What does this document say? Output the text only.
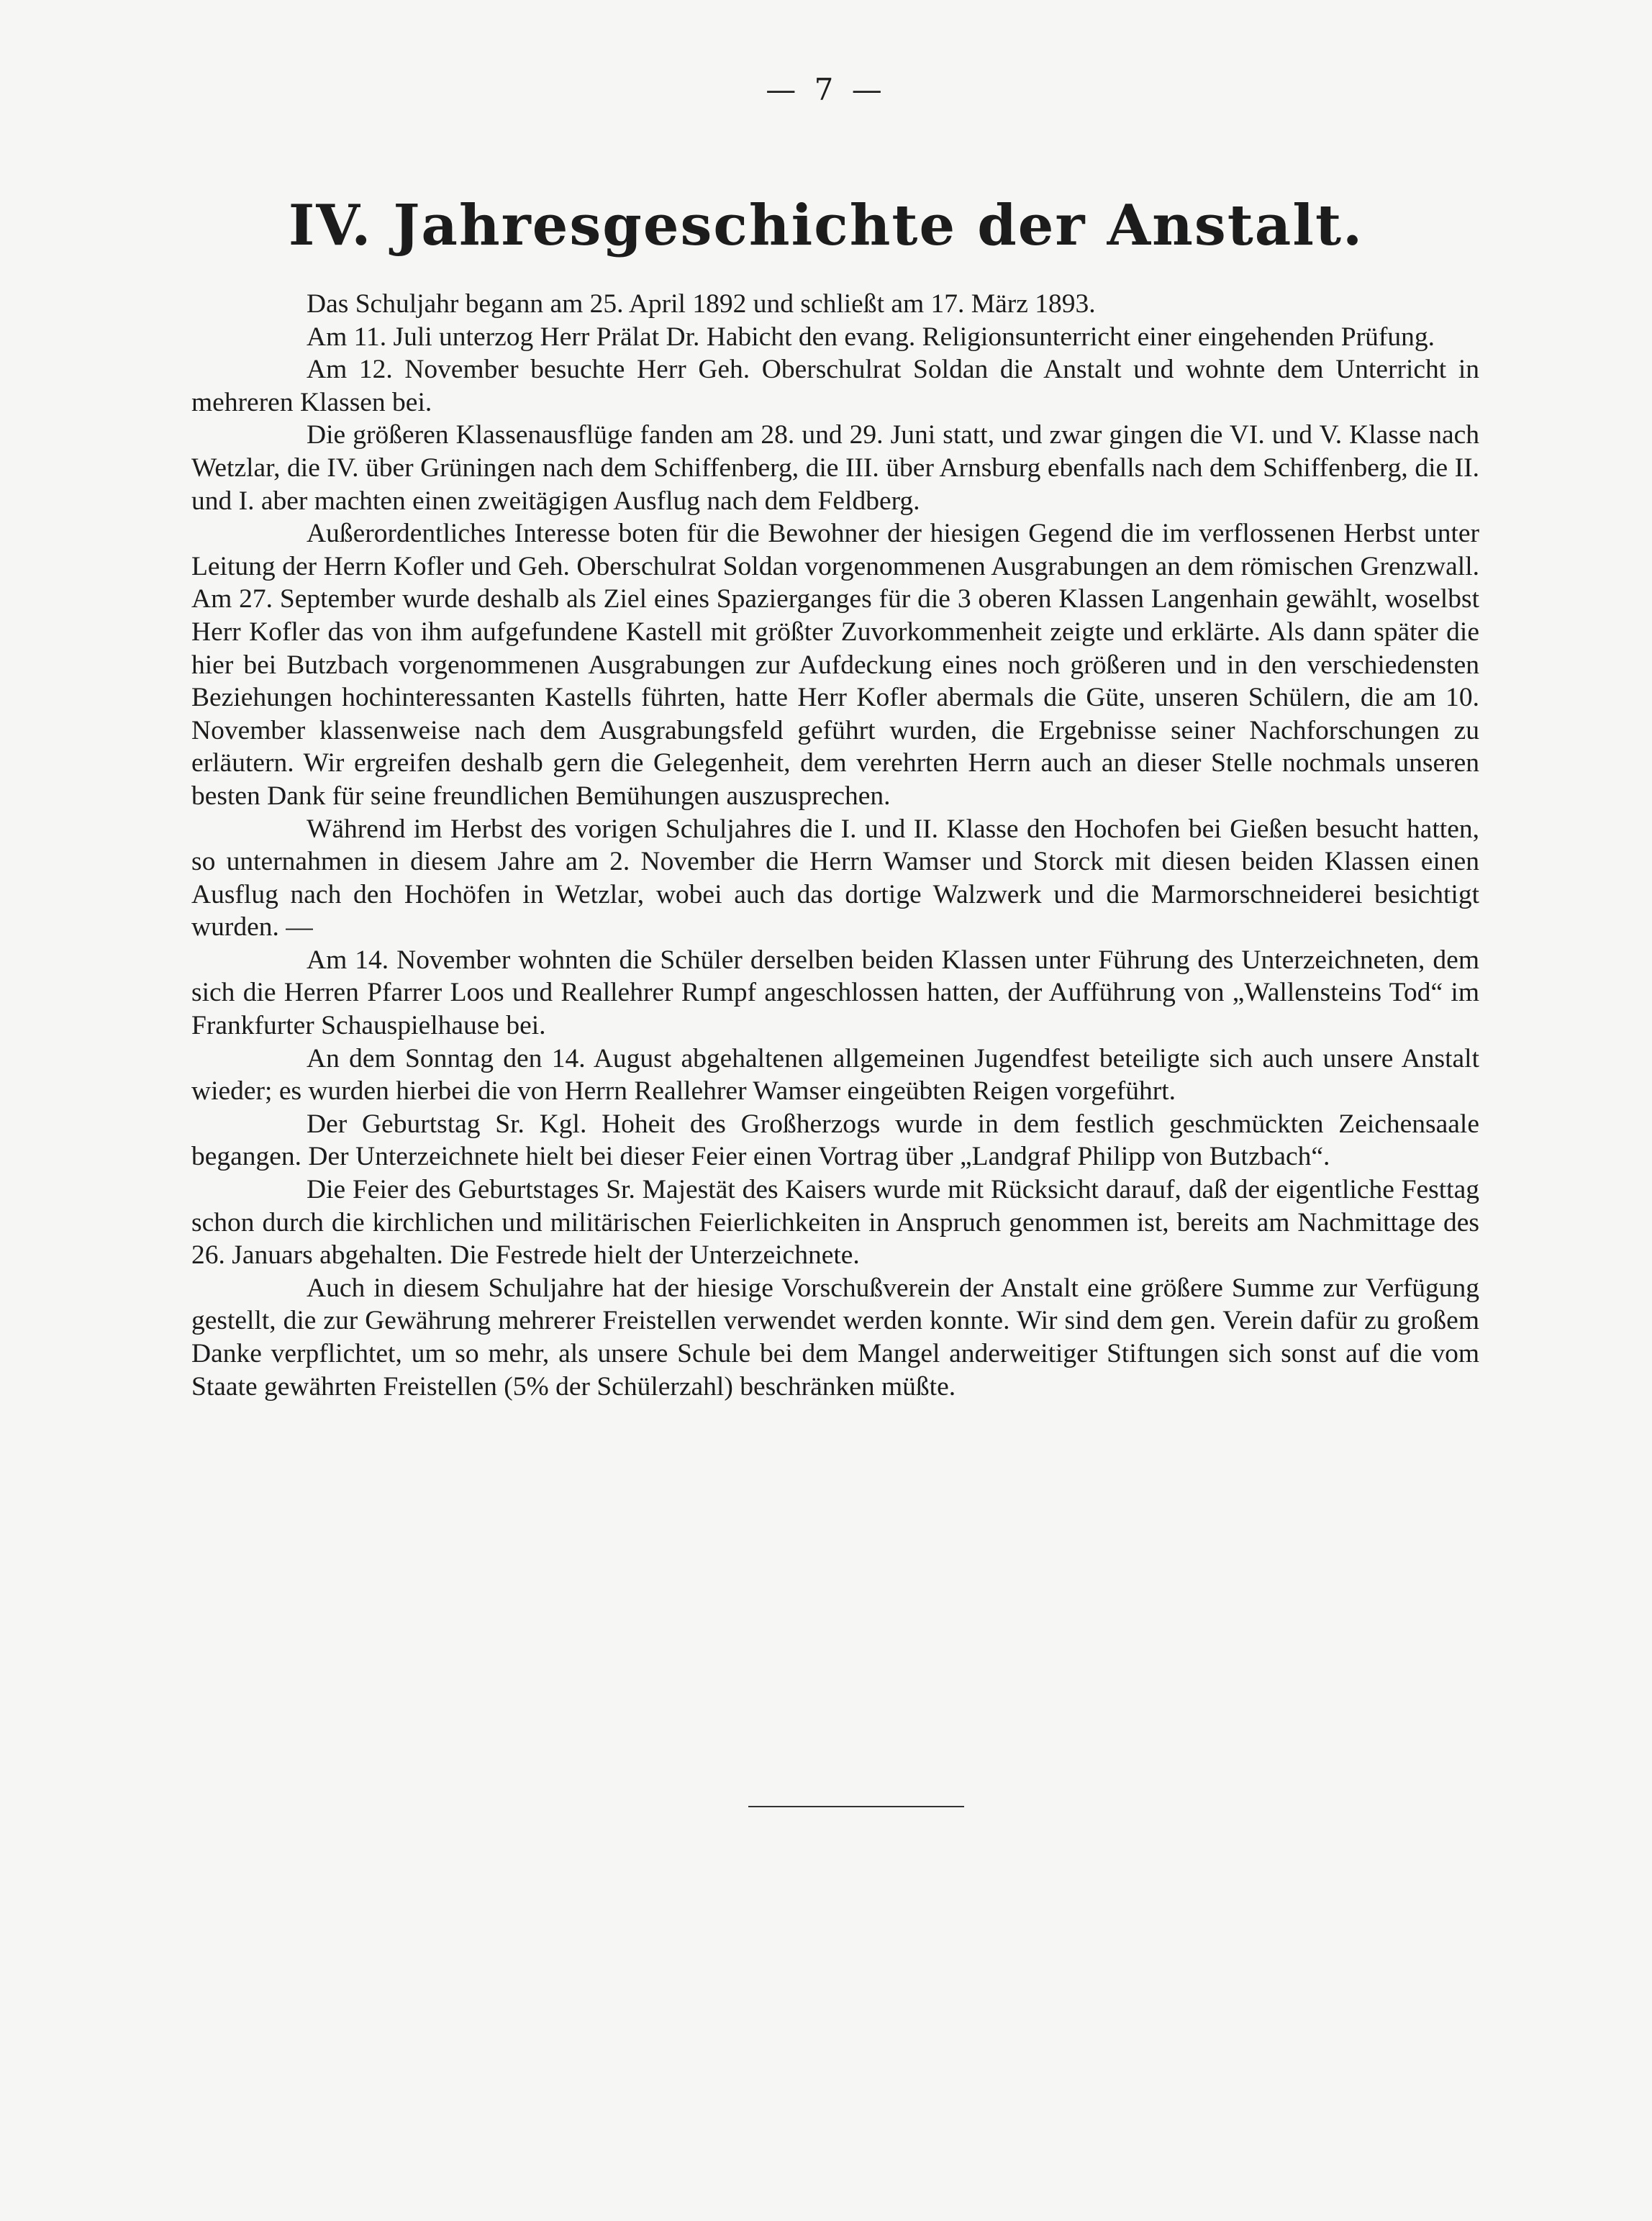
— 7 —
IV. Jahresgeschichte der Anstalt.

Das Schuljahr begann am 25. April 1892 und schließt am 17. März 1893.

Am 11. Juli unterzog Herr Prälat Dr. Habicht den evang. Religionsunterricht einer eingehenden Prüfung.

Am 12. November besuchte Herr Geh. Oberschulrat Soldan die Anstalt und wohnte dem Unterricht in mehreren Klassen bei.

Die größeren Klassenausflüge fanden am 28. und 29. Juni statt, und zwar gingen die VI. und V. Klasse nach Wetzlar, die IV. über Grüningen nach dem Schiffenberg, die III. über Arnsburg ebenfalls nach dem Schiffenberg, die II. und I. aber machten einen zweitägigen Ausflug nach dem Feldberg.

Außerordentliches Interesse boten für die Bewohner der hiesigen Gegend die im verflossenen Herbst unter Leitung der Herrn Kofler und Geh. Oberschulrat Soldan vorgenommenen Ausgrabungen an dem römischen Grenzwall. Am 27. September wurde deshalb als Ziel eines Spazierganges für die 3 oberen Klassen Langenhain gewählt, woselbst Herr Kofler das von ihm aufgefundene Kastell mit größter Zuvorkommenheit zeigte und erklärte. Als dann später die hier bei Butzbach vorgenommenen Ausgrabungen zur Aufdeckung eines noch größeren und in den verschiedensten Beziehungen hochinteressanten Kastells führten, hatte Herr Kofler abermals die Güte, unseren Schülern, die am 10. November klassenweise nach dem Ausgrabungsfeld geführt wurden, die Ergebnisse seiner Nachforschungen zu erläutern. Wir ergreifen deshalb gern die Gelegenheit, dem verehrten Herrn auch an dieser Stelle nochmals unseren besten Dank für seine freundlichen Bemühungen auszusprechen.

Während im Herbst des vorigen Schuljahres die I. und II. Klasse den Hochofen bei Gießen besucht hatten, so unternahmen in diesem Jahre am 2. November die Herrn Wamser und Storck mit diesen beiden Klassen einen Ausflug nach den Hochöfen in Wetzlar, wobei auch das dortige Walzwerk und die Marmorschneiderei besichtigt wurden. —

Am 14. November wohnten die Schüler derselben beiden Klassen unter Führung des Unterzeichneten, dem sich die Herren Pfarrer Loos und Reallehrer Rumpf angeschlossen hatten, der Aufführung von „Wallensteins Tod“ im Frankfurter Schauspielhause bei.

An dem Sonntag den 14. August abgehaltenen allgemeinen Jugendfest beteiligte sich auch unsere Anstalt wieder; es wurden hierbei die von Herrn Reallehrer Wamser eingeübten Reigen vorgeführt.

Der Geburtstag Sr. Kgl. Hoheit des Großherzogs wurde in dem festlich geschmückten Zeichensaale begangen. Der Unterzeichnete hielt bei dieser Feier einen Vortrag über „Landgraf Philipp von Butzbach“.

Die Feier des Geburtstages Sr. Majestät des Kaisers wurde mit Rücksicht darauf, daß der eigentliche Festtag schon durch die kirchlichen und militärischen Feierlichkeiten in Anspruch genommen ist, bereits am Nachmittage des 26. Januars abgehalten. Die Festrede hielt der Unterzeichnete.

Auch in diesem Schuljahre hat der hiesige Vorschußverein der Anstalt eine größere Summe zur Verfügung gestellt, die zur Gewährung mehrerer Freistellen verwendet werden konnte. Wir sind dem gen. Verein dafür zu großem Danke verpflichtet, um so mehr, als unsere Schule bei dem Mangel anderweitiger Stiftungen sich sonst auf die vom Staate gewährten Freistellen (5% der Schülerzahl) beschränken müßte.
